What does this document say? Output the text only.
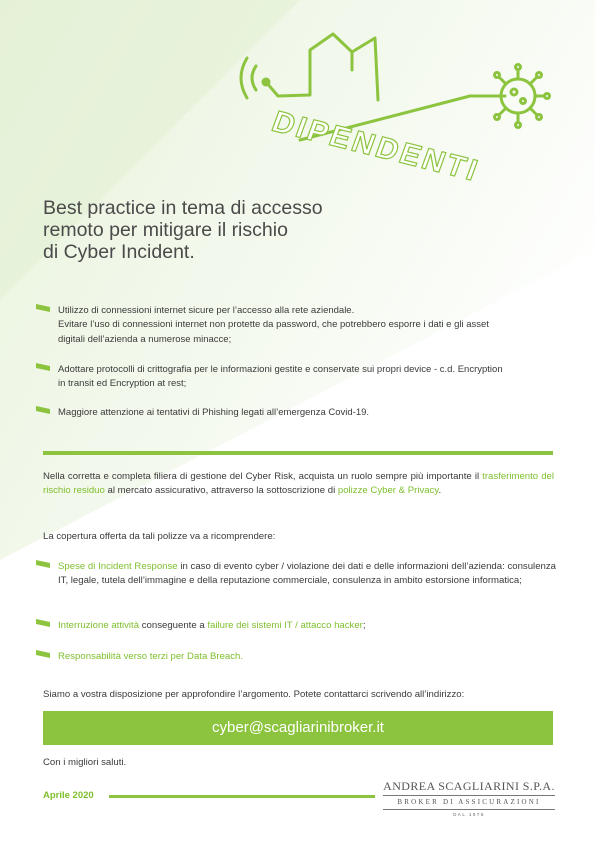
DIPENDENTI
Best practice in tema di accesso
remoto per mitigare il rischio
di Cyber Incident.
Utilizzo di connessioni internet sicure per l’accesso alla rete aziendale.
Evitare l’uso di connessioni internet non protette da password, che potrebbero esporre i dati e gli asset
digitali dell’azienda a numerose minacce;
Adottare protocolli di crittografia per le informazioni gestite e conservate sui propri device - c.d. Encryption
in transit ed Encryption at rest;
Maggiore attenzione ai tentativi di Phishing legati all’emergenza Covid-19.
Nella corretta e completa filiera di gestione del Cyber Risk, acquista un ruolo sempre più importante il trasferimento del rischio residuo al mercato assicurativo, attraverso la sottoscrizione di polizze Cyber & Privacy.
La copertura offerta da tali polizze va a ricomprendere:
Spese di Incident Response in caso di evento cyber / violazione dei dati e delle informazioni dell’azienda: consulenza IT, legale, tutela dell’immagine e della reputazione commerciale, consulenza in ambito estorsione informatica;
Interruzione attività conseguente a failure dei sistemi IT / attacco hacker;
Responsabilità verso terzi per Data Breach.
Siamo a vostra disposizione per approfondire l’argomento. Potete contattarci scrivendo all’indirizzo:
cyber@scagliarinibroker.it
Con i migliori saluti.
Aprile 2020
ANDREA SCAGLIARINI S.P.A.
BROKER DI ASSICURAZIONI
DAL 1976
